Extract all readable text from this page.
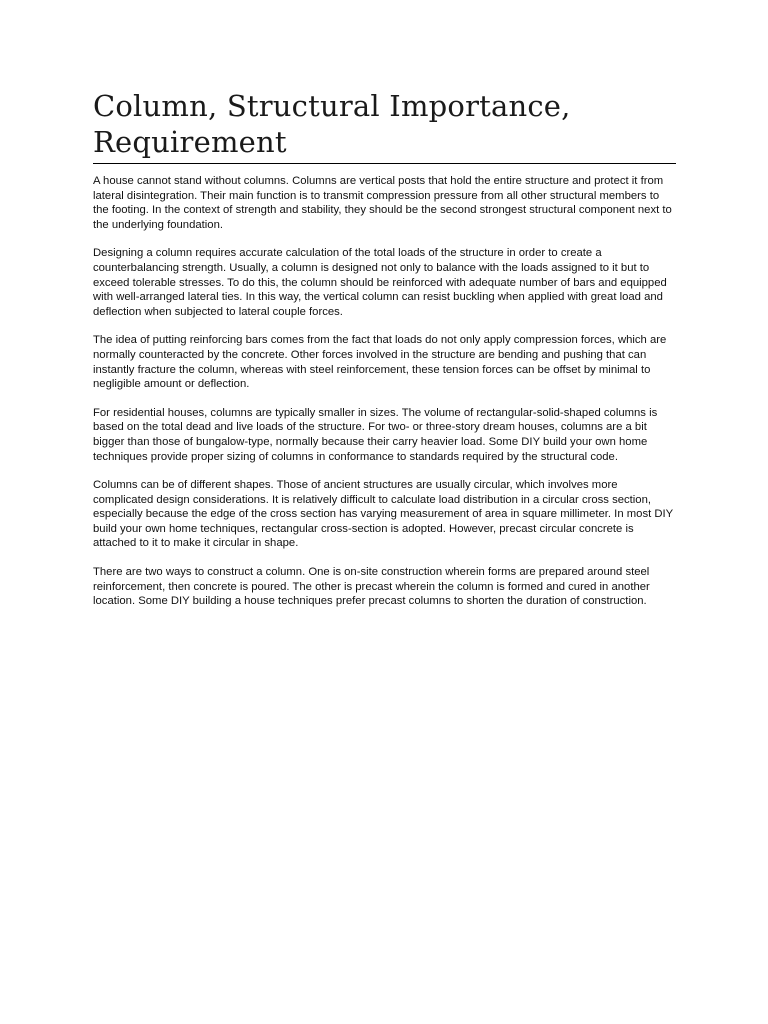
Column, Structural Importance, Requirement

A house cannot stand without columns. Columns are vertical posts that hold the entire structure and protect it from lateral disintegration. Their main function is to transmit compression pressure from all other structural members to the footing. In the context of strength and stability, they should be the second strongest structural component next to the underlying foundation.

Designing a column requires accurate calculation of the total loads of the structure in order to create a counterbalancing strength. Usually, a column is designed not only to balance with the loads assigned to it but to exceed tolerable stresses. To do this, the column should be reinforced with adequate number of bars and equipped with well-arranged lateral ties. In this way, the vertical column can resist buckling when applied with great load and deflection when subjected to lateral couple forces.

The idea of putting reinforcing bars comes from the fact that loads do not only apply compression forces, which are normally counteracted by the concrete. Other forces involved in the structure are bending and pushing that can instantly fracture the column, whereas with steel reinforcement, these tension forces can be offset by minimal to negligible amount or deflection.

For residential houses, columns are typically smaller in sizes. The volume of rectangular-solid-shaped columns is based on the total dead and live loads of the structure. For two- or three-story dream houses, columns are a bit bigger than those of bungalow-type, normally because their carry heavier load. Some DIY build your own home techniques provide proper sizing of columns in conformance to standards required by the structural code.

Columns can be of different shapes. Those of ancient structures are usually circular, which involves more complicated design considerations. It is relatively difficult to calculate load distribution in a circular cross section, especially because the edge of the cross section has varying measurement of area in square millimeter. In most DIY build your own home techniques, rectangular cross-section is adopted. However, precast circular concrete is attached to it to make it circular in shape.

There are two ways to construct a column. One is on-site construction wherein forms are prepared around steel reinforcement, then concrete is poured. The other is precast wherein the column is formed and cured in another location. Some DIY building a house techniques prefer precast columns to shorten the duration of construction.
